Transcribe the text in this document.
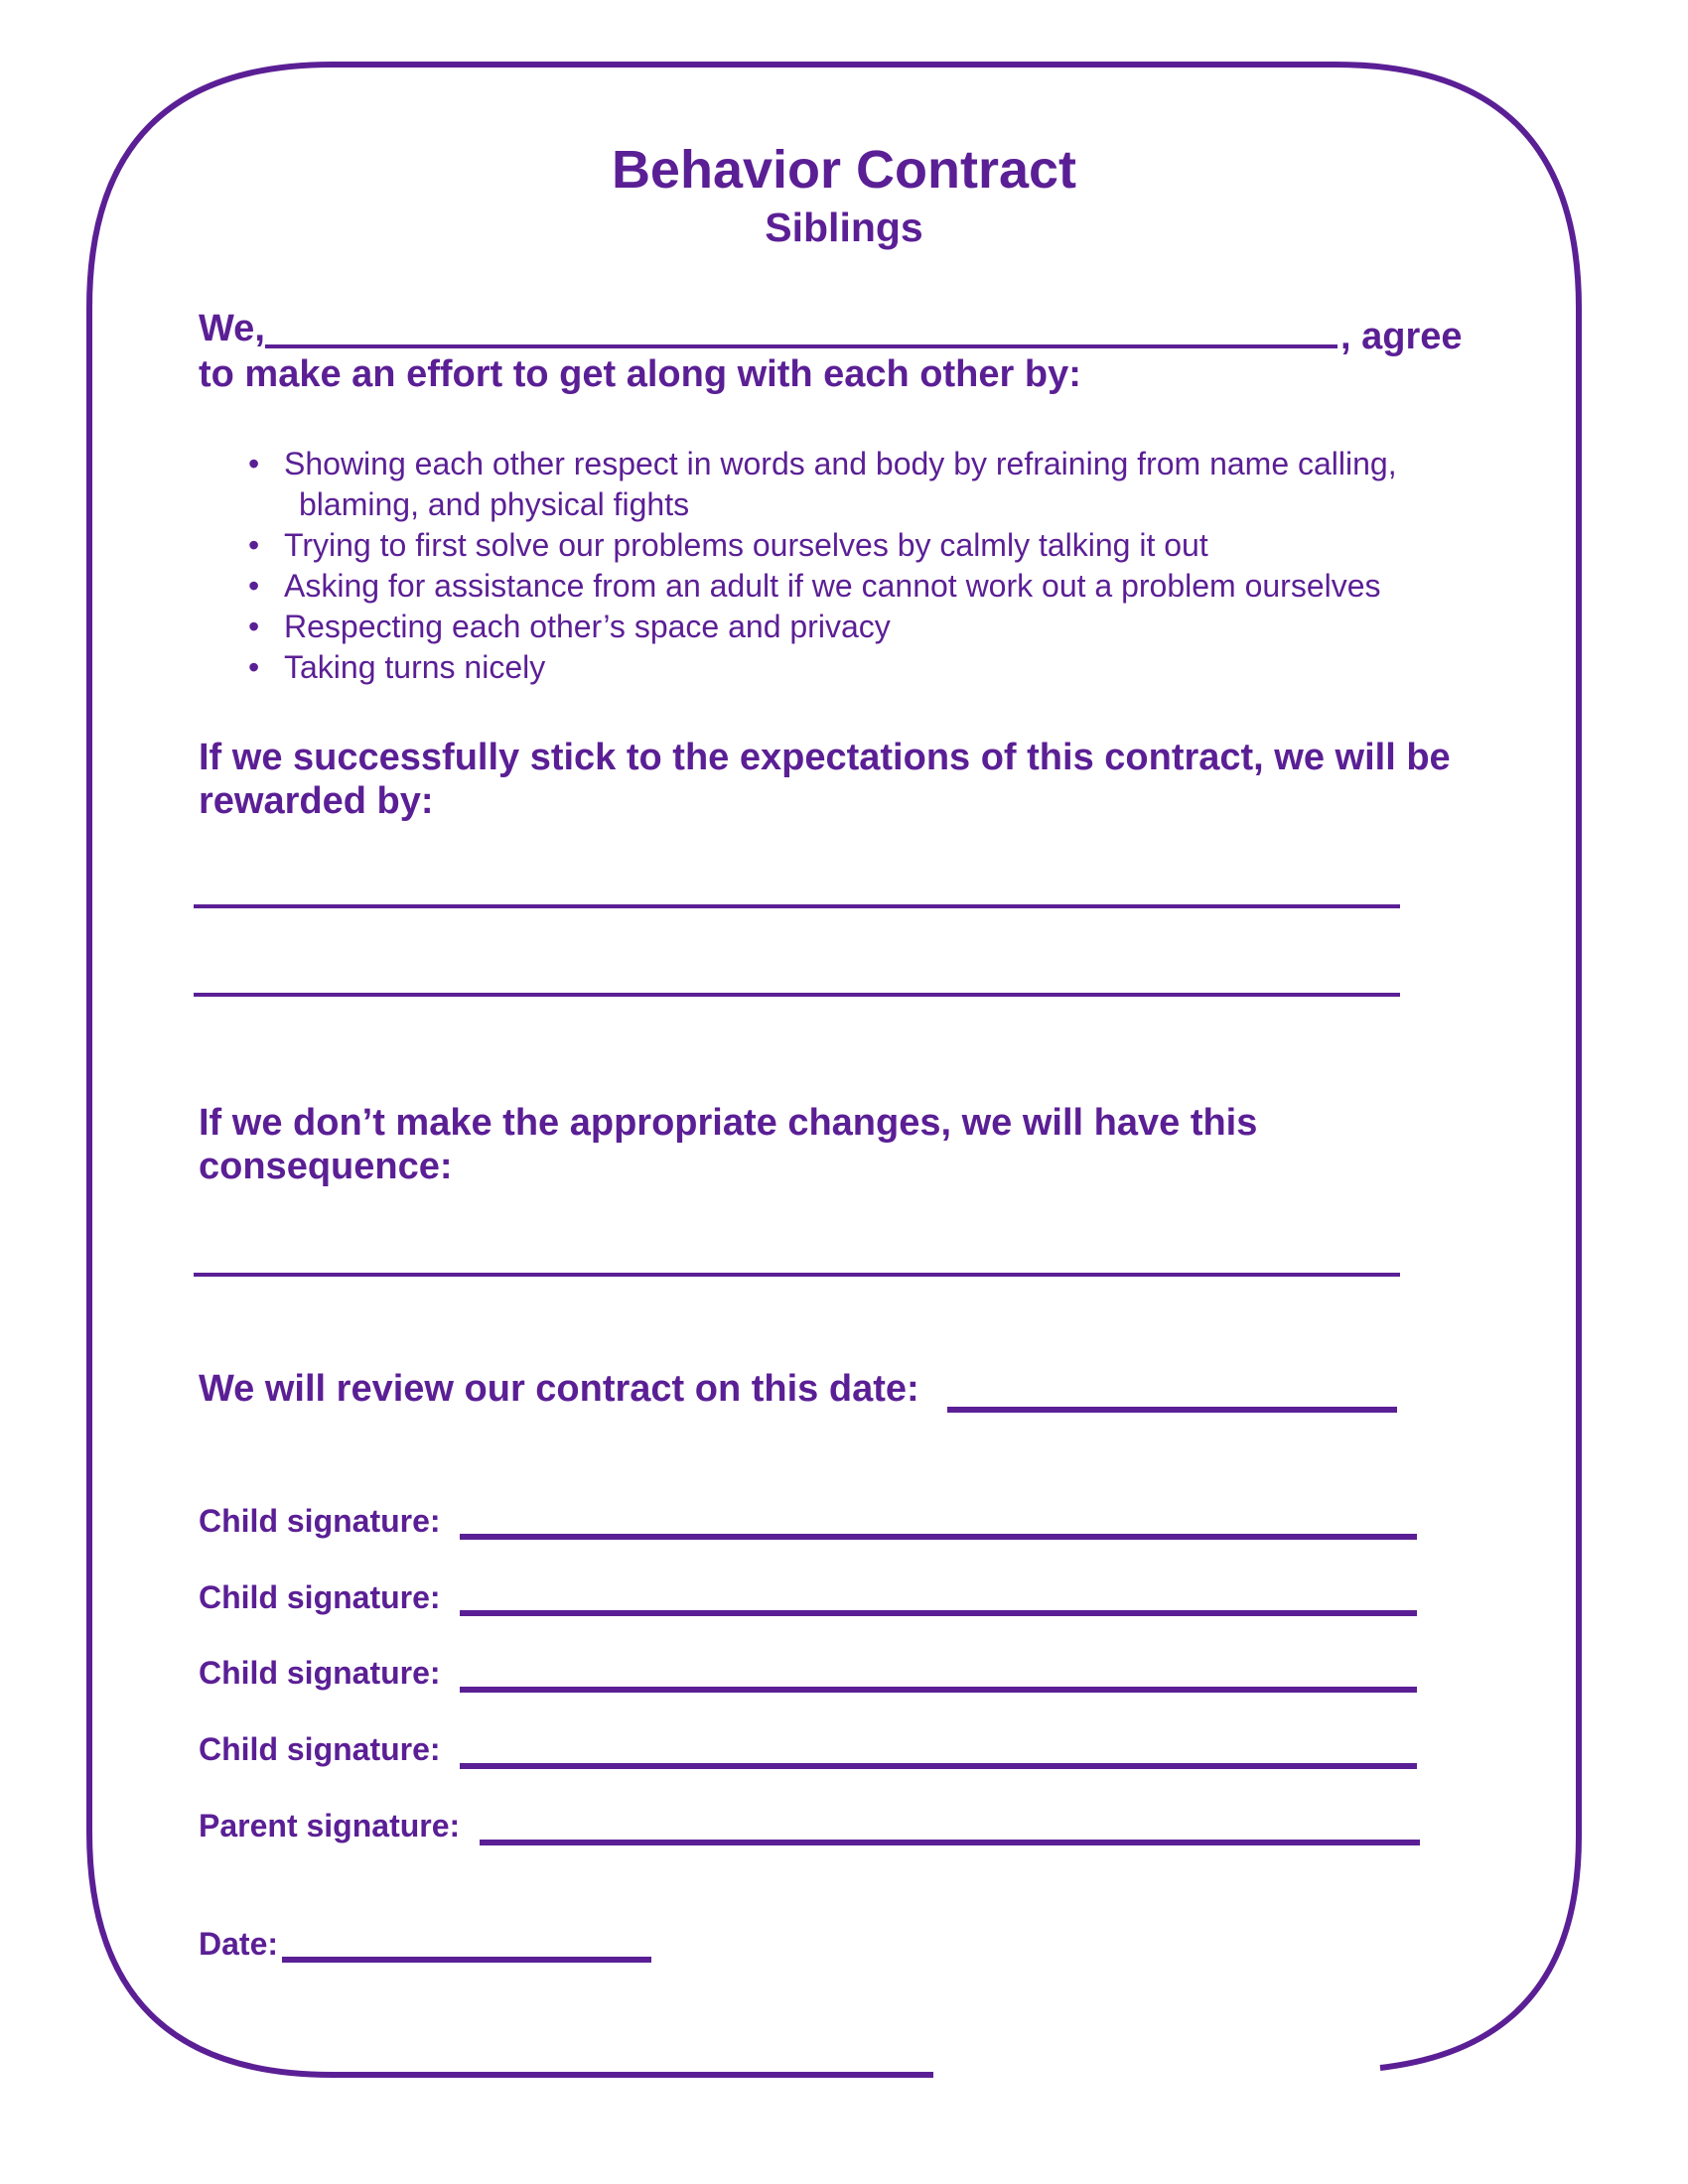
Behavior Contract
Siblings
We,	, agree
to make an effort to get along with each other by:
• Showing each other respect in words and body by refraining from name calling,
blaming, and physical fights
• Trying to first solve our problems ourselves by calmly talking it out
• Asking for assistance from an adult if we cannot work out a problem ourselves
• Respecting each other’s space and privacy
• Taking turns nicely
If we successfully stick to the expectations of this contract, we will be
rewarded by:
If we don’t make the appropriate changes, we will have this
consequence:
We will review our contract on this date:
Child signature:
Child signature:
Child signature:
Child signature:
Parent signature:
Date:
